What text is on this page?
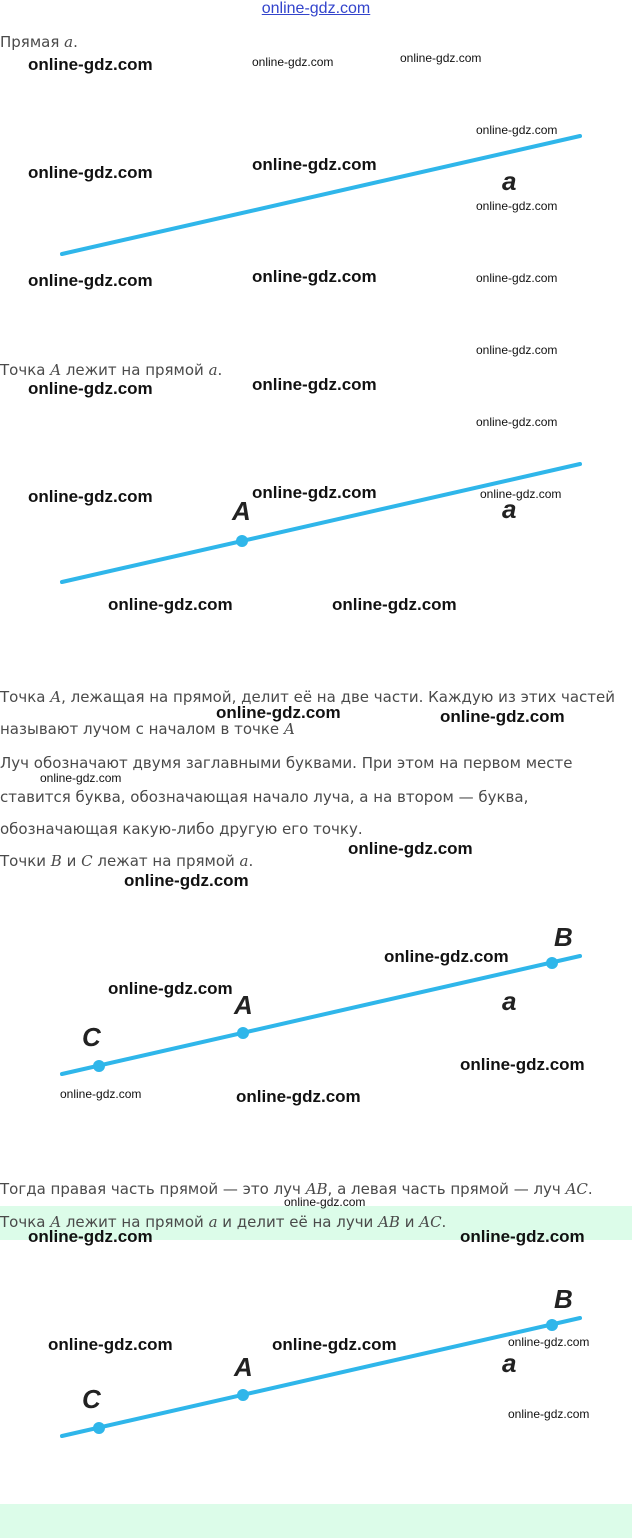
online-gdz.com
Прямая a.
a
Точка A лежит на прямой a.
A	a
Точка A, лежащая на прямой, делит её на две части. Каждую из этих частей
называют лучом с началом в точке A
Луч обозначают двумя заглавными буквами. При этом на первом месте
ставится буква, обозначающая начало луча, а на втором — буква,
обозначающая какую-либо другую его точку.
Точки B и C лежат на прямой a.
C
A
B
a
Тогда правая часть прямой — это луч AB, а левая часть прямой — луч AC.
Точка A лежит на прямой a и делит её на лучи AB и AC.
C
A
B
a
online-gdz.com	online-gdz.com	online-gdz.com
online-gdz.com
online-gdz.com	online-gdz.com
online-gdz.com
online-gdz.com	online-gdz.com	online-gdz.com
online-gdz.com
online-gdz.com	online-gdz.com
online-gdz.com
online-gdz.com	online-gdz.com	online-gdz.com
online-gdz.com	online-gdz.com
online-gdz.com	online-gdz.com
online-gdz.com
online-gdz.com
online-gdz.com
online-gdz.com
online-gdz.com
online-gdz.com
online-gdz.com	online-gdz.com
online-gdz.com
online-gdz.com	online-gdz.com
online-gdz.com	online-gdz.com	online-gdz.com
online-gdz.com
